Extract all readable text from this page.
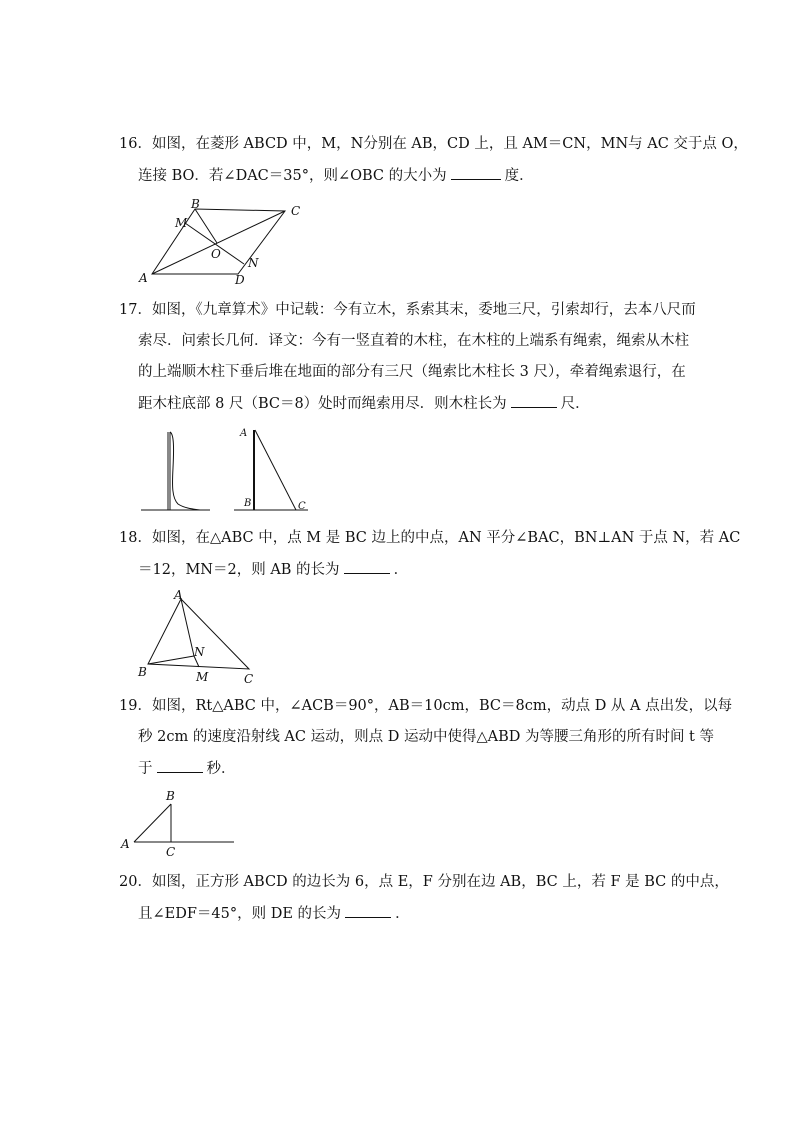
16．如图，在菱形 ABCD 中，M，N分别在 AB，CD 上，且 AM＝CN，MN与 AC 交于点 O，
连接 BO．若∠DAC＝35°，则∠OBC 的大小为	度．
B	C
M
O
N
A	D
17．如图，《九章算术》中记载：今有立木，系索其末，委地三尺，引索却行，去本八尺而
索尽．问索长几何．译文：今有一竖直着的木柱，在木柱的上端系有绳索，绳索从木柱
的上端顺木柱下垂后堆在地面的部分有三尺（绳索比木柱长 3 尺），牵着绳索退行，在
距木柱底部 8 尺（BC＝8）处时而绳索用尽．则木柱长为	尺．
A
B	C
18．如图，在△ABC 中，点 M 是 BC 边上的中点，AN 平分∠BAC，BN⊥AN 于点 N，若 AC
＝12，MN＝2，则 AB 的长为	．
A
N
B	M	C
19．如图，Rt△ABC 中，∠ACB＝90°，AB＝10cm，BC＝8cm，动点 D 从 A 点出发，以每
秒 2cm 的速度沿射线 AC 运动，则点 D 运动中使得△ABD 为等腰三角形的所有时间 t 等
于	秒．
B
A
C
20．如图，正方形 ABCD 的边长为 6，点 E，F 分别在边 AB，BC 上，若 F 是 BC 的中点，
且∠EDF＝45°，则 DE 的长为	．
